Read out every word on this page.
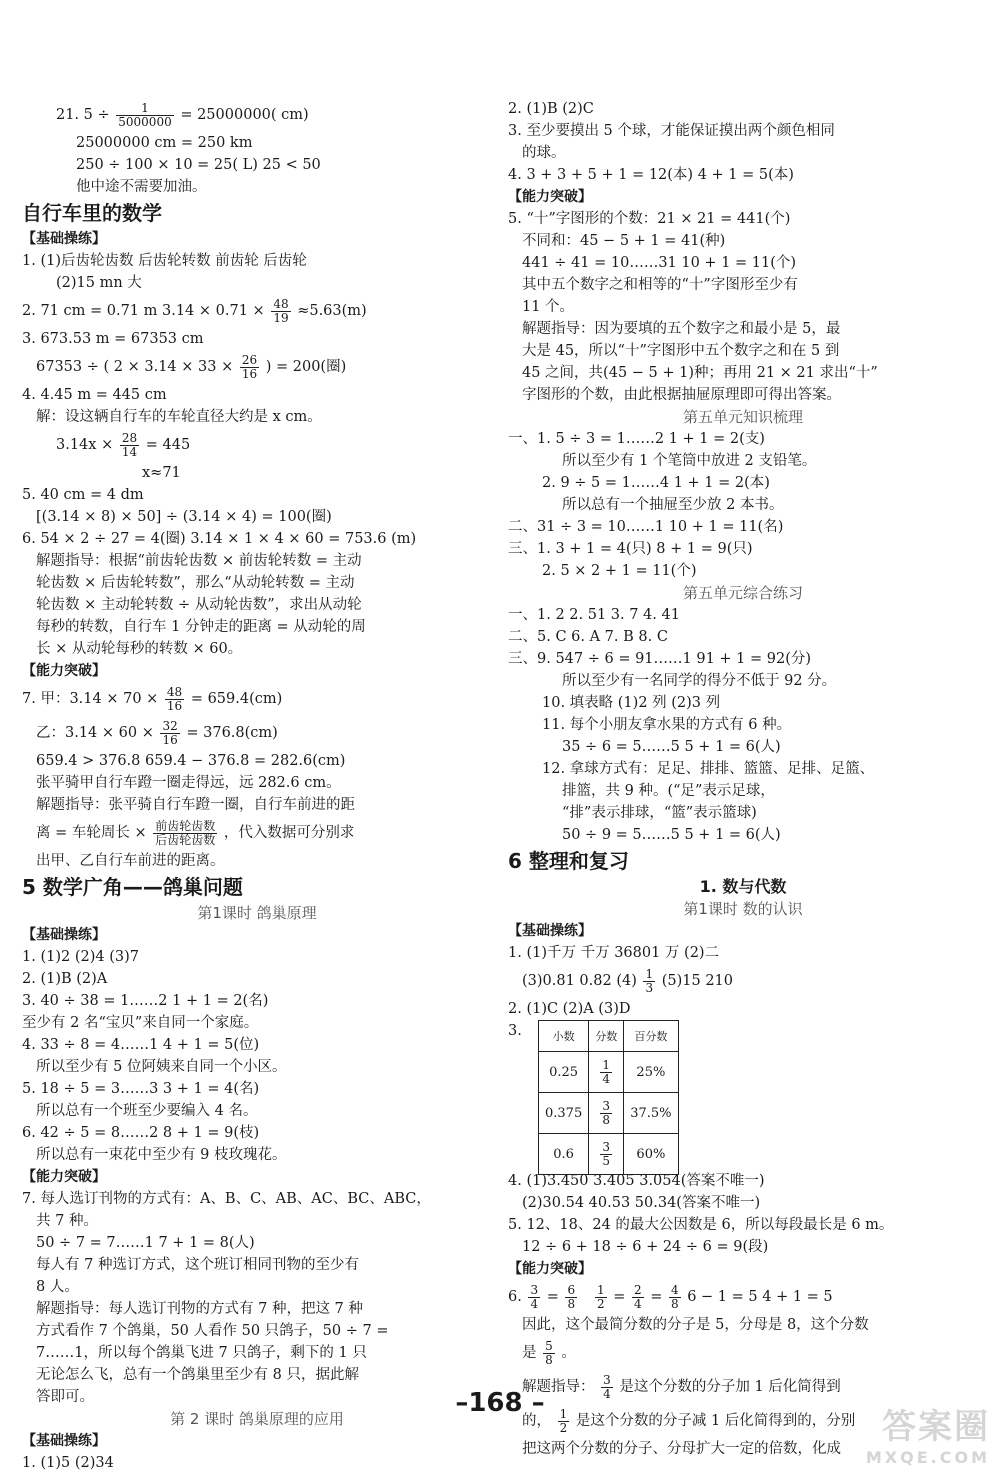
21. $5 \div \frac{1}{5000000} = 25000000$( cm)
25000000 cm = 250 km
250 ÷ 100 × 10 = 25( L) 25 < 50
他中途不需要加油。
自行车里的数学
【基础操练】
1. (1)后齿轮齿数 后齿轮转数 前齿轮 后齿轮
(2)15 mn 大
2. 71 cm = 0.71 m $3.14 \times 0.71 \times \frac{48}{19} \approx 5.63(m)$
3. 673.53 m = 67353 cm
67353 ÷ ( $2 \times 3.14 \times 33 \times \frac{26}{16}$ ) = 200(圈)
4. 4.45 m = 445 cm
解：设这辆自行车的车轮直径大约是 x cm。
$3.14x \times \frac{28}{14} = 445$
x≈71
5. 40 cm = 4 dm
[(3.14 × 8) × 50] ÷ (3.14 × 4) = 100(圈)
6. 54 × 2 ÷ 27 = 4(圈) 3.14 × 1 × 4 × 60 = 753.6 (m)
解题指导：根据“前齿轮齿数 × 前齿轮转数 = 主动
轮齿数 × 后齿轮转数”，那么“从动轮转数 = 主动
轮齿数 × 主动轮转数 ÷ 从动轮齿数”，求出从动轮
每秒的转数，自行车 1 分钟走的距离 = 从动轮的周
长 × 从动轮每秒的转数 × 60。
【能力突破】
7. 甲：$3.14 \times 70 \times \frac{48}{16} = 659.4(cm)$
乙：$3.14 \times 60 \times \frac{32}{16} = 376.8(cm)$
659.4 > 376.8 659.4 − 376.8 = 282.6(cm)
张平骑甲自行车蹬一圈走得远，远 282.6 cm。
解题指导：张平骑自行车蹬一圈，自行车前进的距
离 = 车轮周长 × $\frac{\text{前齿轮齿数}}{\text{后齿轮齿数}}$ ，代入数据可分别求
出甲、乙自行车前进的距离。
5 数学广角——鸽巢问题
第1课时 鸽巢原理
【基础操练】
1. (1)2 (2)4 (3)7
2. (1)B (2)A
3. 40 ÷ 38 = 1……2 1 + 1 = 2(名)
至少有 2 名“宝贝”来自同一个家庭。
4. 33 ÷ 8 = 4……1 4 + 1 = 5(位)
所以至少有 5 位阿姨来自同一个小区。
5. 18 ÷ 5 = 3……3 3 + 1 = 4(名)
所以总有一个班至少要编入 4 名。
6. 42 ÷ 5 = 8……2 8 + 1 = 9(枝)
所以总有一束花中至少有 9 枝玫瑰花。
【能力突破】
7. 每人选订刊物的方式有：A、B、C、AB、AC、BC、ABC，
共 7 种。
50 ÷ 7 = 7……1 7 + 1 = 8(人)
每人有 7 种选订方式，这个班订相同刊物的至少有
8 人。
解题指导：每人选订刊物的方式有 7 种，把这 7 种
方式看作 7 个鸽巢，50 人看作 50 只鸽子，50 ÷ 7 =
7……1，所以每个鸽巢飞进 7 只鸽子，剩下的 1 只
无论怎么飞，总有一个鸽巢里至少有 8 只，据此解
答即可。
第 2 课时 鸽巢原理的应用
【基础操练】
1. (1)5 (2)34
2. (1)B (2)C
3. 至少要摸出 5 个球，才能保证摸出两个颜色相同
的球。
4. 3 + 3 + 5 + 1 = 12(本) 4 + 1 = 5(本)
【能力突破】
5. “十”字图形的个数：21 × 21 = 441(个)
不同和：45 − 5 + 1 = 41(种)
441 ÷ 41 = 10……31 10 + 1 = 11(个)
其中五个数字之和相等的“十”字图形至少有
11 个。
解题指导：因为要填的五个数字之和最小是 5，最
大是 45，所以“十”字图形中五个数字之和在 5 到
45 之间，共(45 − 5 + 1)种；再用 21 × 21 求出“十”
字图形的个数，由此根据抽屉原理即可得出答案。
第五单元知识梳理
一、1. 5 ÷ 3 = 1……2 1 + 1 = 2(支)
所以至少有 1 个笔筒中放进 2 支铅笔。
2. 9 ÷ 5 = 1……4 1 + 1 = 2(本)
所以总有一个抽屉至少放 2 本书。
二、31 ÷ 3 = 10……1 10 + 1 = 11(名)
三、1. 3 + 1 = 4(只) 8 + 1 = 9(只)
2. 5 × 2 + 1 = 11(个)
第五单元综合练习
一、1. 2 2. 51 3. 7 4. 41
二、5. C 6. A 7. B 8. C
三、9. 547 ÷ 6 = 91……1 91 + 1 = 92(分)
所以至少有一名同学的得分不低于 92 分。
10. 填表略 (1)2 列 (2)3 列
11. 每个小朋友拿水果的方式有 6 种。
35 ÷ 6 = 5……5 5 + 1 = 6(人)
12. 拿球方式有：足足、排排、篮篮、足排、足篮、
排篮，共 9 种。(“足”表示足球，
“排”表示排球，“篮”表示篮球)
50 ÷ 9 = 5……5 5 + 1 = 6(人)
6 整理和复习
1. 数与代数
第1课时 数的认识
【基础操练】
1. (1)千万 千万 36801 万 (2)二
(3)0.81 0.82 $(4) \frac{1}{3} (5)15$ 210
2. (1)C (2)A (3)D
3.	小数	分数	百分数
0.25	$\frac{1}{4}$	25%
0.375	$\frac{3}{8}$	37.5%
0.6	$\frac{3}{5}$	60%
4. (1)3.450 3.405 3.054(答案不唯一)
(2)30.54 40.53 50.34(答案不唯一)
5. 12、18、24 的最大公因数是 6，所以每段最长是 6 m。
12 ÷ 6 + 18 ÷ 6 + 24 ÷ 6 = 9(段)
【能力突破】
6. $\frac{3}{4} = \frac{6}{8}$
$\frac{1}{2} = \frac{2}{4} = \frac{4}{8} 6 - 1 = 5$ 4 + 1 = 5
因此，这个最简分数的分子是 5，分母是 8，这个分数
是 $\frac{5}{8}$ 。
解题指导： $\frac{3}{4}$ 是这个分数的分子加 1 后化简得到
的， $\frac{1}{2}$ 是这个分数的分子减 1 后化简得到的，分别
把这两个分数的分子、分母扩大一定的倍数，化成
–168 –
答案圈
MXQE.COM
